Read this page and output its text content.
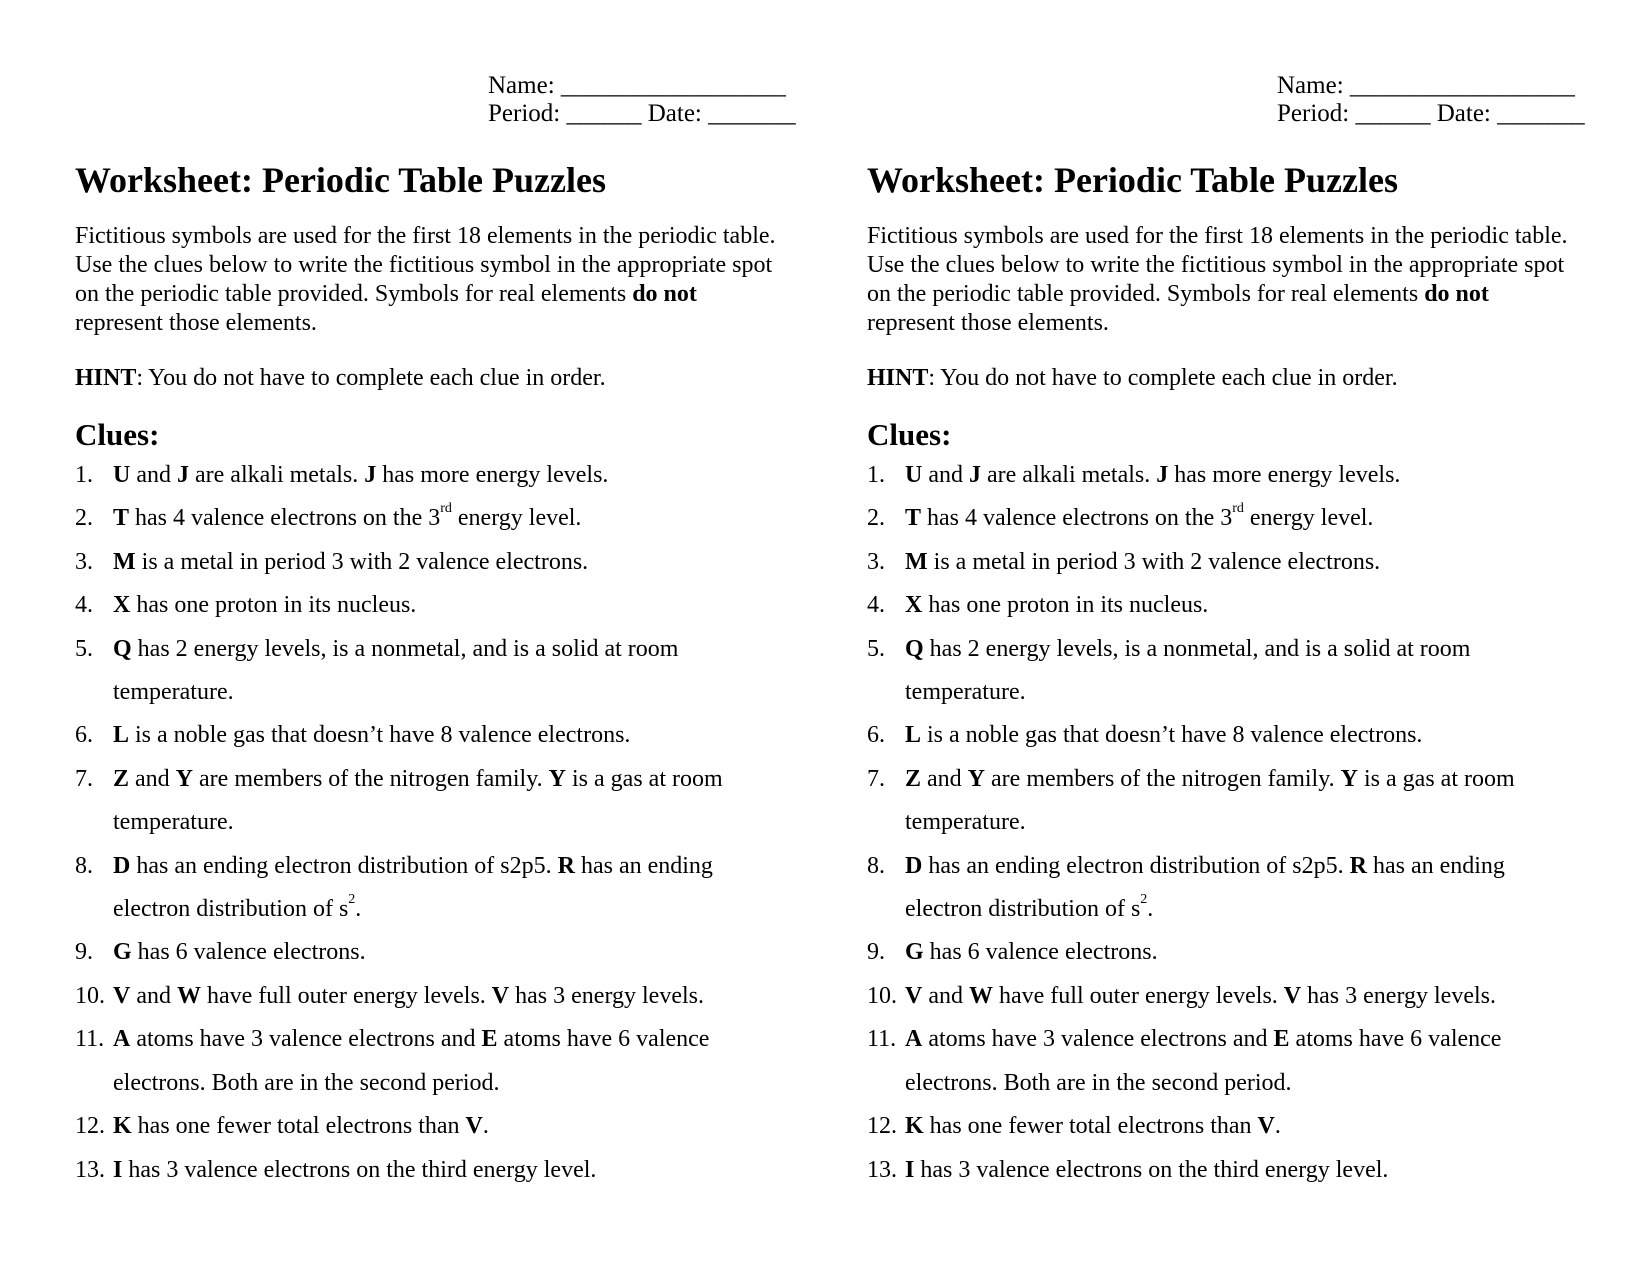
Name: __________________
Period: ______ Date: _______
Worksheet: Periodic Table Puzzles
Fictitious symbols are used for the first 18 elements in the periodic table. Use the clues below to write the fictitious symbol in the appropriate spot on the periodic table provided. Symbols for real elements do not represent those elements.
HINT: You do not have to complete each clue in order.
Clues:
1. U and J are alkali metals. J has more energy levels.
2. T has 4 valence electrons on the 3rd energy level.
3. M is a metal in period 3 with 2 valence electrons.
4. X has one proton in its nucleus.
5. Q has 2 energy levels, is a nonmetal, and is a solid at room temperature.
6. L is a noble gas that doesn’t have 8 valence electrons.
7. Z and Y are members of the nitrogen family. Y is a gas at room temperature.
8. D has an ending electron distribution of s2p5. R has an ending electron distribution of $s^2$.
9. G has 6 valence electrons.
10. V and W have full outer energy levels. V has 3 energy levels.
11. A atoms have 3 valence electrons and E atoms have 6 valence electrons. Both are in the second period.
12. K has one fewer total electrons than V.
13. I has 3 valence electrons on the third energy level.
Name: __________________
Period: ______ Date: _______
Worksheet: Periodic Table Puzzles
Fictitious symbols are used for the first 18 elements in the periodic table. Use the clues below to write the fictitious symbol in the appropriate spot on the periodic table provided. Symbols for real elements do not represent those elements.
HINT: You do not have to complete each clue in order.
Clues:
1. U and J are alkali metals. J has more energy levels.
2. T has 4 valence electrons on the 3rd energy level.
3. M is a metal in period 3 with 2 valence electrons.
4. X has one proton in its nucleus.
5. Q has 2 energy levels, is a nonmetal, and is a solid at room temperature.
6. L is a noble gas that doesn’t have 8 valence electrons.
7. Z and Y are members of the nitrogen family. Y is a gas at room temperature.
8. D has an ending electron distribution of s2p5. R has an ending electron distribution of $s^2$.
9. G has 6 valence electrons.
10. V and W have full outer energy levels. V has 3 energy levels.
11. A atoms have 3 valence electrons and E atoms have 6 valence electrons. Both are in the second period.
12. K has one fewer total electrons than V.
13. I has 3 valence electrons on the third energy level.
